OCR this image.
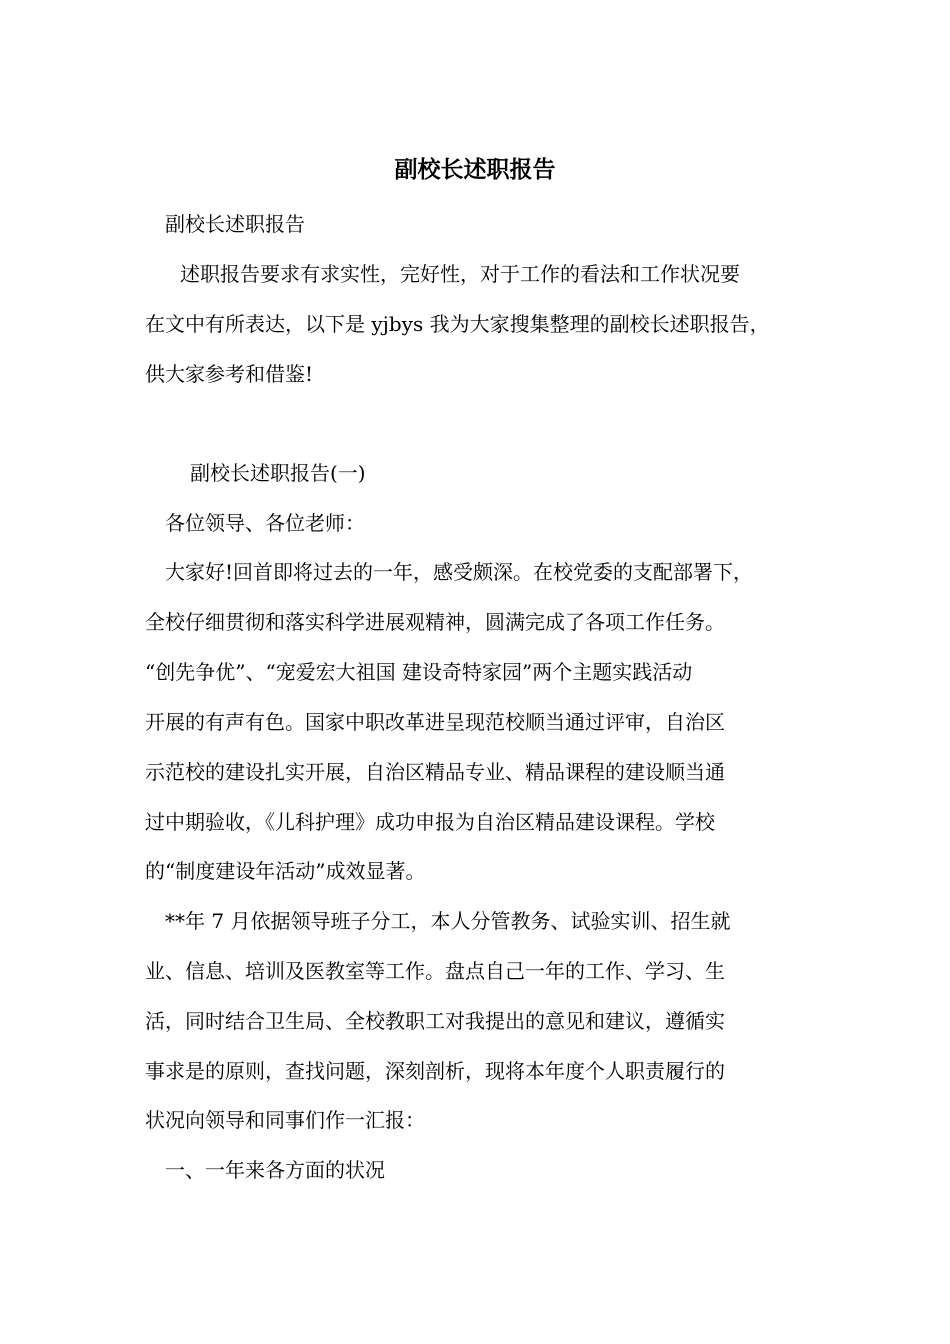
副校长述职报告
副校长述职报告
述职报告要求有求实性，完好性，对于工作的看法和工作状况要
在文中有所表达，以下是 yjbys 我为大家搜集整理的副校长述职报告，
供大家参考和借鉴!
副校长述职报告(一)
各位领导、各位老师：
大家好!回首即将过去的一年，感受颇深。在校党委的支配部署下，
全校仔细贯彻和落实科学进展观精神，圆满完成了各项工作任务。
“创先争优”、“宠爱宏大祖国 建设奇特家园”两个主题实践活动
开展的有声有色。国家中职改革进呈现范校顺当通过评审，自治区
示范校的建设扎实开展，自治区精品专业、精品课程的建设顺当通
过中期验收，《儿科护理》成功申报为自治区精品建设课程。学校
的“制度建设年活动”成效显著。
**年 7 月依据领导班子分工，本人分管教务、试验实训、招生就
业、信息、培训及医教室等工作。盘点自己一年的工作、学习、生
活，同时结合卫生局、全校教职工对我提出的意见和建议，遵循实
事求是的原则，查找问题，深刻剖析，现将本年度个人职责履行的
状况向领导和同事们作一汇报：
一、一年来各方面的状况
